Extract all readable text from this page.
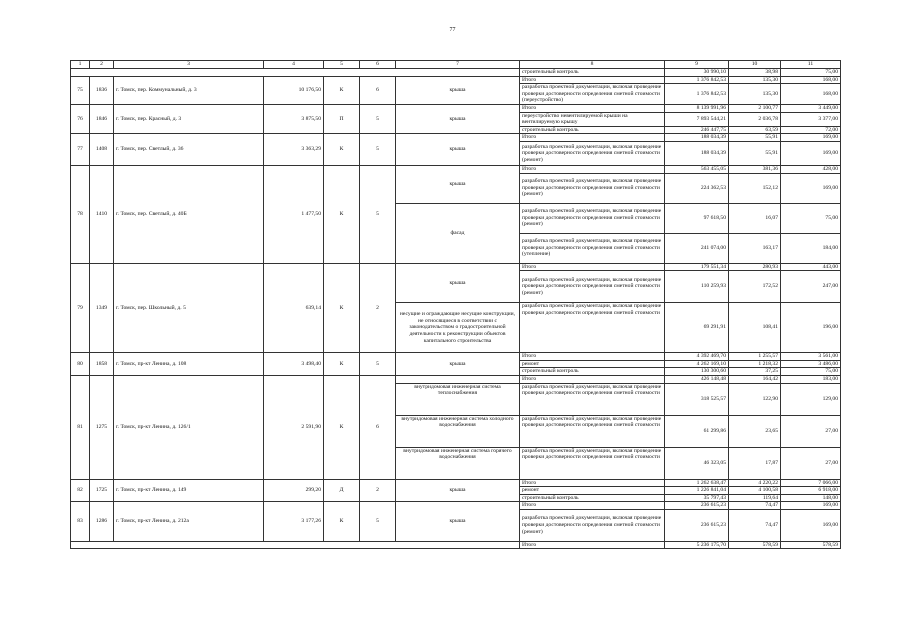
77
1	2	3	4	5	6	7	8	9	10	11
							строительный контроль	30 990,10	38,98	75,00
75	1836	г. Томск, пер. Коммунальный, д. 3	10 176,50	К	6	крыша	Итого	1 376 842,53	135,30	168,00
							разработка проектной документации, включая проведение проверки достоверности определения сметной стоимости (переустройство)	1 376 842,53	135,30	168,00
76	1846	г. Томск, пер. Красный, д. 3	3 875,50	П	5	крыша	Итого	8 139 991,96	2 100,77	3 449,00
							переустройство невентилируемой крыши на вентилируемую крышу	7 893 544,21	2 036,78	3 377,00
							строительный контроль	246 447,75	63,59	72,00
77	1408	г. Томск, пер. Светлый, д. 36	3 363,29	К	5	крыша	Итого	188 034,39	55,91	169,00
							разработка проектной документации, включая проведение проверки достоверности определения сметной стоимости (ремонт)	188 034,39	55,91	169,00
78	1410	г. Томск, пер. Светлый, д. 40Б	1 477,50	К	5	крыша	Итого	563 455,05	381,36	428,00
							разработка проектной документации, включая проведение проверки достоверности определения сметной стоимости (ремонт)	224 362,53	152,12	169,00
						фасад	разработка проектной документации, включая проведение проверки достоверности определения сметной стоимости (ремонт)	97 618,50	16,07	75,00
							разработка проектной документации, включая проведение проверки достоверности определения сметной стоимости (утепление)	241 074,00	163,17	184,00
79	1349	г. Томск, пер. Школьный, д. 5	639,14	К	2	крыша	Итого	179 551,34	280,93	443,00
							разработка проектной документации, включая проведение проверки достоверности определения сметной стоимости (ремонт)	110 259,93	172,52	247,00
						несущие и ограждающие несущие конструкции, не относящиеся в соответствии с законодательством о градостроительной деятельности к реконструкции объектов капитального строительства	разработка проектной документации, включая проведение проверки достоверности определения сметной стоимости	69 291,91	108,41	196,00
80	1858	г. Томск, пр-кт Ленина, д. 108	3 498,40	К	5	крыша	Итого	4 392 469,70	1 255,57	3 561,00
							ремонт	4 262 169,10	1 218,32	3 486,00
							строительный контроль	130 300,60	37,25	75,00
81	1275	г. Томск, пр-кт Ленина, д. 126/1	2 591,90	К	6		Итого	426 148,48	164,42	183,00
						внутридомовая инженерная система теплоснабжения	разработка проектной документации, включая проведение проверки достоверности определения сметной стоимости	318 525,57	122,90	129,00
						внутридомовая инженерная система холодного водоснабжения	разработка проектной документации, включая проведение проверки достоверности определения сметной стоимости	61 299,86	23,65	27,00
						внутридомовая инженерная система горячего водоснабжения	разработка проектной документации, включая проведение проверки достоверности определения сметной стоимости	46 323,05	17,87	27,00
82	1725	г. Томск, пр-кт Ленина, д. 149	299,20	Д	2	крыша	Итого	1 262 638,47	4 220,22	7 066,00
							ремонт	1 226 841,04	4 100,58	6 918,00
							строительный контроль	35 797,43	119,64	148,00
83	1286	г. Томск, пр-кт Ленина, д. 212а	3 177,26	К	5	крыша	Итого	236 615,23	74,47	169,00
							разработка проектной документации, включая проведение проверки достоверности определения сметной стоимости (ремонт)	236 615,23	74,47	169,00
							Итого	5 236 175,70	578,59	578,59
